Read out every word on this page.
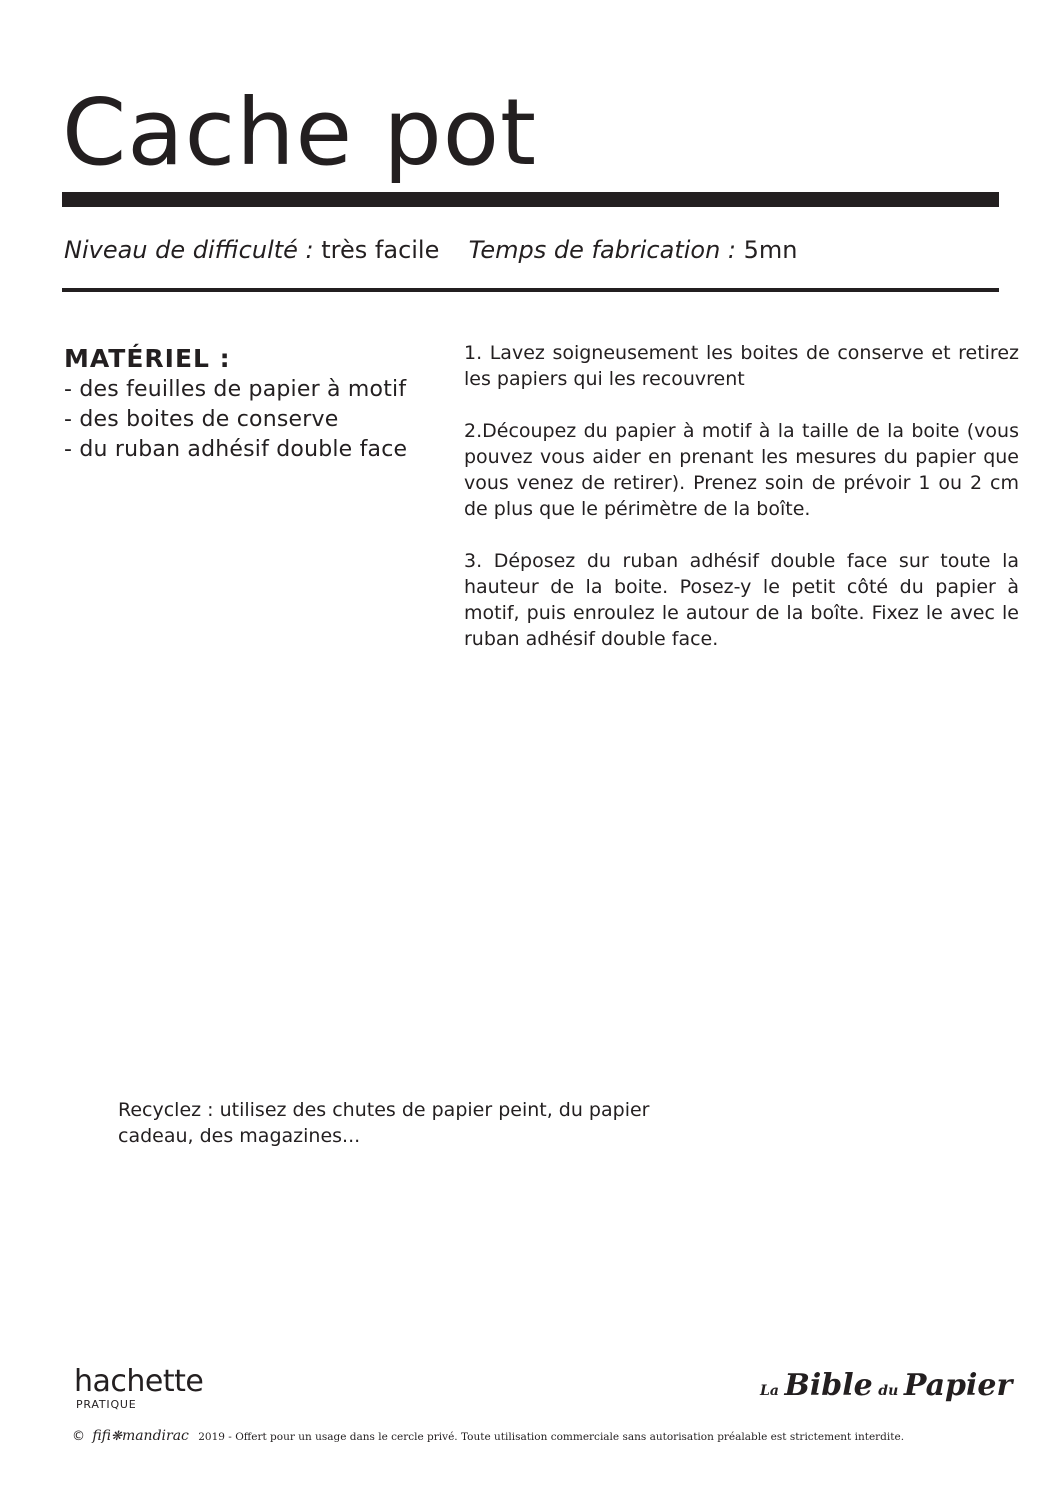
Cache pot
Niveau de difficulté : très facile Temps de fabrication : 5mn
MATÉRIEL :
- des feuilles de papier à motif
- des boites de conserve
- du ruban adhésif double face

1. Lavez soigneusement les boites de conserve et retirez les papiers qui les recouvrent

2.Découpez du papier à motif à la taille de la boite (vous pouvez vous aider en prenant les mesures du papier que vous venez de retirer). Prenez soin de prévoir 1 ou 2 cm de plus que le périmètre de la boîte.

3. Déposez du ruban adhésif double face sur toute la hauteur de la boite. Posez-y le petit côté du papier à motif, puis enroulez le autour de la boîte. Fixez le avec le ruban adhésif double face.

Recyclez : utilisez des chutes de papier peint, du papier cadeau, des magazines...
hachette
PRATIQUE
La Bible du Papier
© fifi❋mandirac 2019 - Offert pour un usage dans le cercle privé. Toute utilisation commerciale sans autorisation préalable est strictement interdite.
